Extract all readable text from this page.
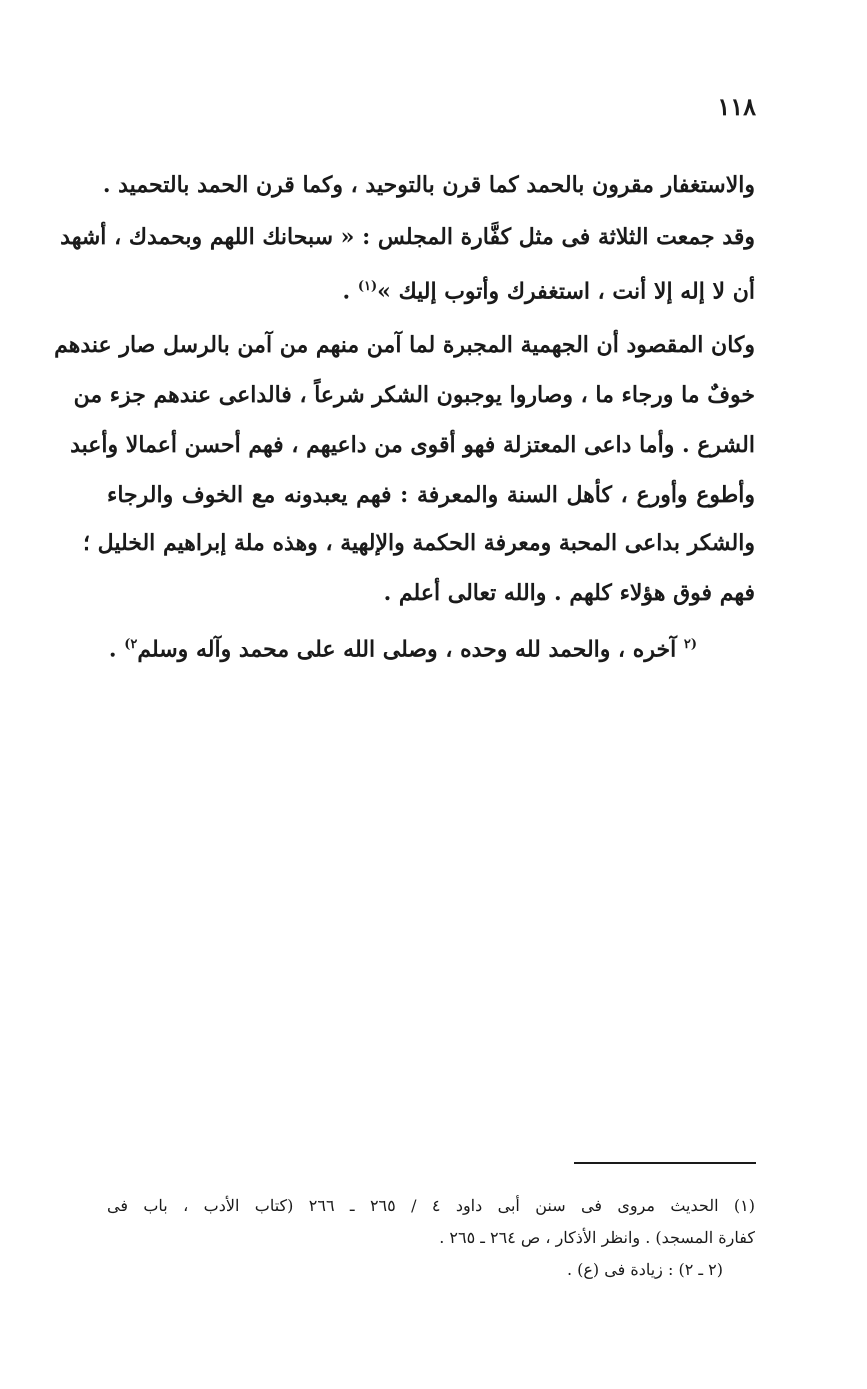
١١٨
والاستغفار مقرون بالحمد كما قرن بالتوحيد ، وكما قرن الحمد بالتحميد .
وقد جمعت الثلاثة فى مثل كفَّارة المجلس : « سبحانك اللهم وبحمدك ، أشهد
أن لا إله إلا أنت ، استغفرك وأتوب إليك »$^{(١)}$ .
وكان المقصود أن الجهمية المجبرة لما آمن منهم من آمن بالرسل صار عندهم
خوفٌ ما ورجاء ما ، وصاروا يوجبون الشكر شرعاً ، فالداعى عندهم جزء من
الشرع . وأما داعى المعتزلة فهو أقوى من داعيهم ، فهم أحسن أعمالا وأعبد
وأطوع وأورع ، كأهل السنة والمعرفة : فهم يعبدونه مع الخوف والرجاء
والشكر بداعى المحبة ومعرفة الحكمة والإلهية ، وهذه ملة إبراهيم الخليل ؛
فهم فوق هؤلاء كلهم . والله تعالى أعلم .
$^{(٢}$ آخره ، والحمد لله وحده ، وصلى الله على محمد وآله وسلم$^{٢)}$ .
(١) الحديث مروى فى سنن أبى داود ٤ / ٢٦٥ ـ ٢٦٦ (كتاب الأدب ، باب فى
كفارة المسجد) . وانظر الأذكار ، ص ٢٦٤ ـ ٢٦٥ .
(٢ ـ ٢) : زيادة فى (ع) .
